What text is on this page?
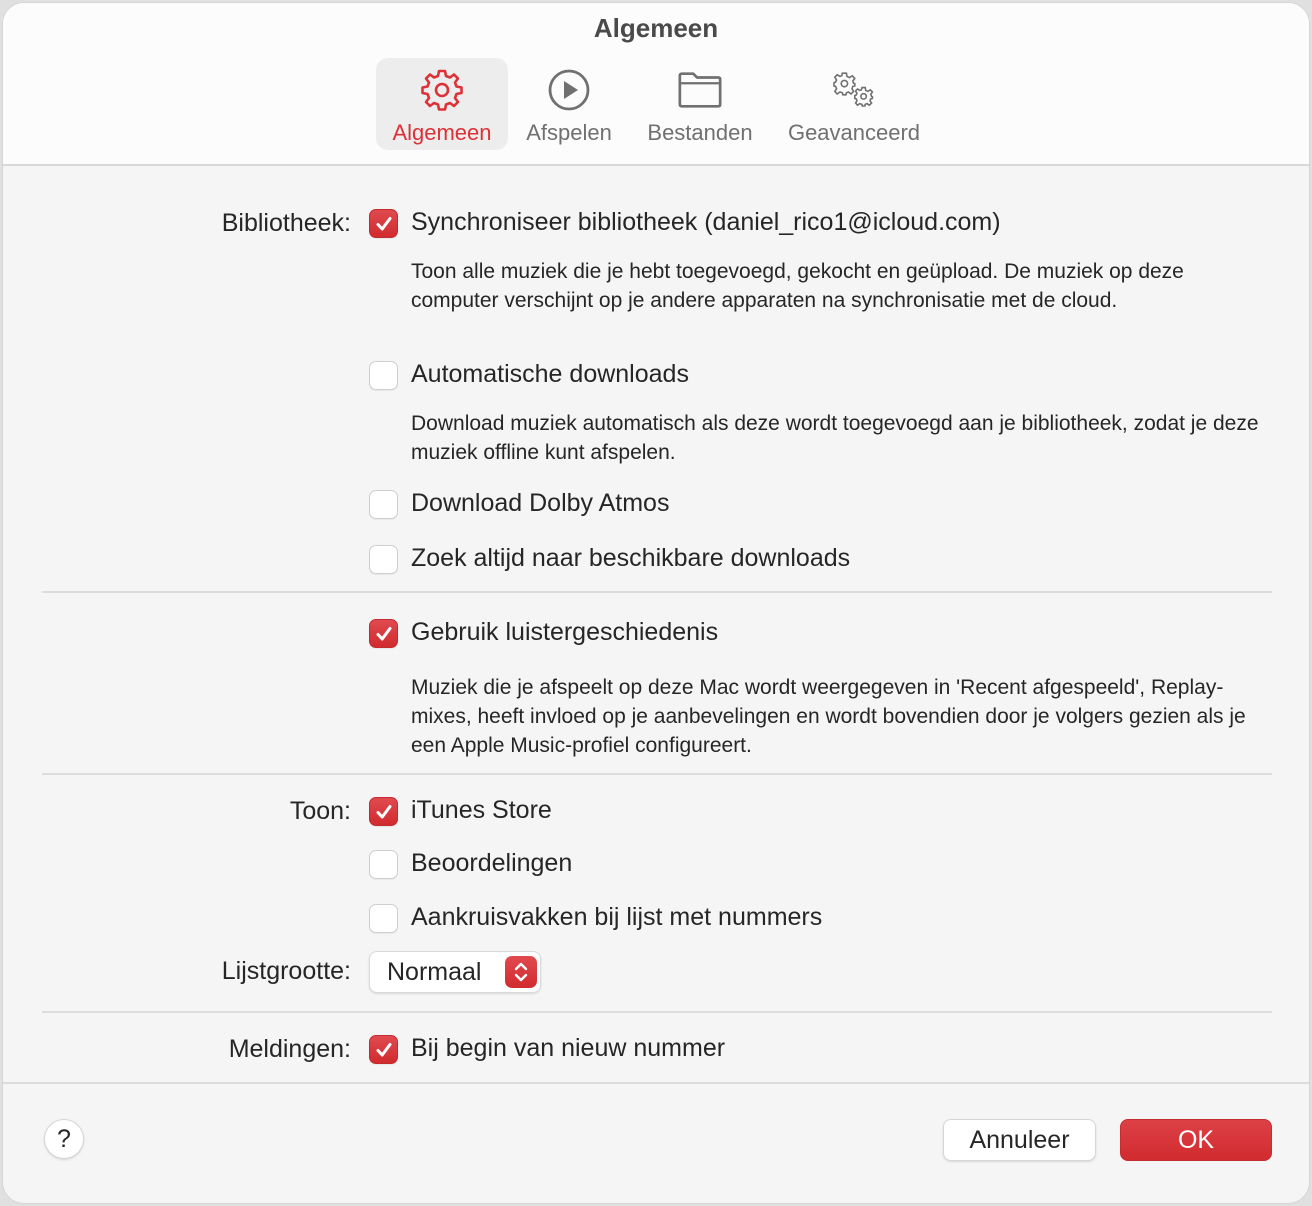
Algemeen
Algemeen Afspelen Bestanden Geavanceerd
Bibliotheek: Synchroniseer bibliotheek (daniel_rico1@icloud.com)
Toon alle muziek die je hebt toegevoegd, gekocht en geüpload. De muziek op deze computer verschijnt op je andere apparaten na synchronisatie met de cloud.
Automatische downloads
Download muziek automatisch als deze wordt toegevoegd aan je bibliotheek, zodat je deze muziek offline kunt afspelen.
Download Dolby Atmos
Zoek altijd naar beschikbare downloads
Gebruik luistergeschiedenis
Muziek die je afspeelt op deze Mac wordt weergegeven in 'Recent afgespeeld', Replay-mixes, heeft invloed op je aanbevelingen en wordt bovendien door je volgers gezien als je een Apple Music-profiel configureert.
Toon: iTunes Store
Beoordelingen
Aankruisvakken bij lijst met nummers
Lijstgrootte: Normaal
Meldingen: Bij begin van nieuw nummer
?	Annuleer	OK
